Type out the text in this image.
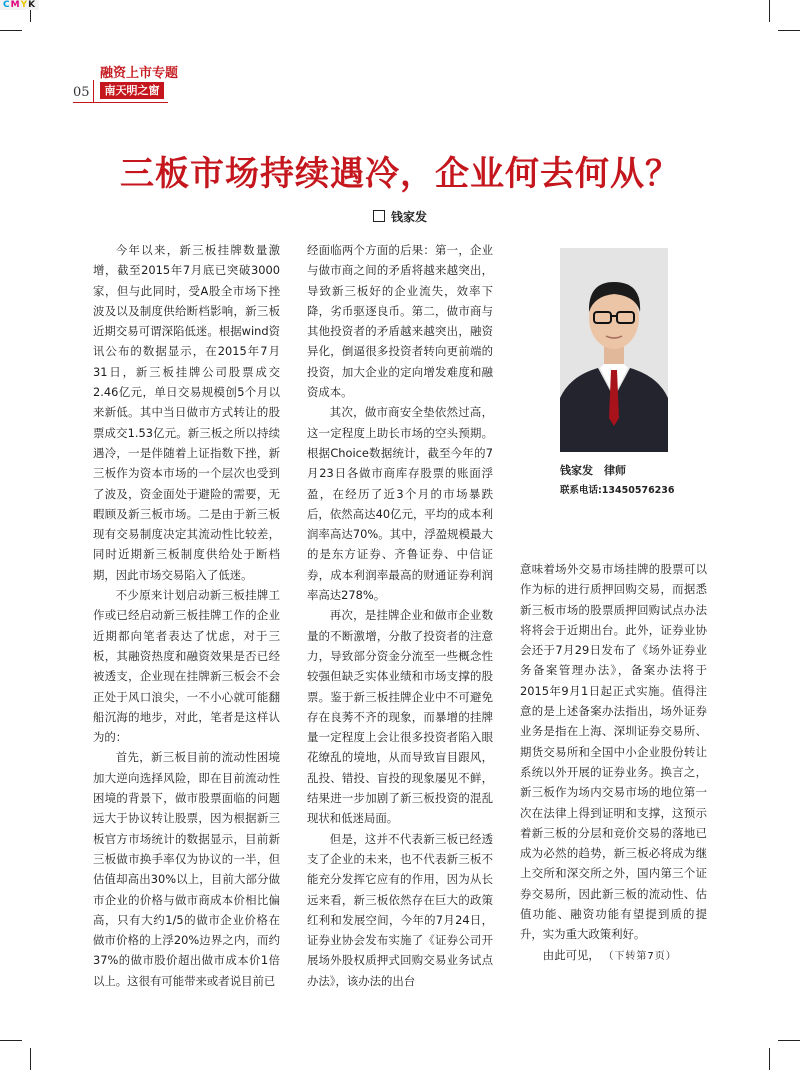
CMYK
融资上市专题
05	南天明之窗
三板市场持续遇冷，企业何去何从？
钱家发

今年以来，新三板挂牌数量激增，截至2015年7月底已突破3000家，但与此同时，受A股全市场下挫波及以及制度供给断档影响，新三板近期交易可谓深陷低迷。根据wind资讯公布的数据显示，在2015年7月31日，新三板挂牌公司股票成交2.46亿元，单日交易规模创5个月以来新低。其中当日做市方式转让的股票成交1.53亿元。新三板之所以持续遇冷，一是伴随着上证指数下挫，新三板作为资本市场的一个层次也受到了波及，资金面处于避险的需要，无暇顾及新三板市场。二是由于新三板现有交易制度决定其流动性比较差，同时近期新三板制度供给处于断档期，因此市场交易陷入了低迷。

不少原来计划启动新三板挂牌工作或已经启动新三板挂牌工作的企业近期都向笔者表达了忧虑，对于三板，其融资热度和融资效果是否已经被透支，企业现在挂牌新三板会不会正处于风口浪尖，一不小心就可能翻船沉海的地步，对此，笔者是这样认为的：

首先，新三板目前的流动性困境加大逆向选择风险，即在目前流动性困境的背景下，做市股票面临的问题远大于协议转让股票，因为根据新三板官方市场统计的数据显示，目前新三板做市换手率仅为协议的一半，但估值却高出30%以上，目前大部分做市企业的价格与做市商成本价相比偏高，只有大约1/5的做市企业价格在做市价格的上浮20%边界之内，而约37%的做市股价超出做市成本价1倍以上。这很有可能带来或者说目前已

经面临两个方面的后果：第一，企业与做市商之间的矛盾将越来越突出，导致新三板好的企业流失，效率下降，劣币驱逐良币。第二，做市商与其他投资者的矛盾越来越突出，融资异化，倒逼很多投资者转向更前端的投资，加大企业的定向增发难度和融资成本。

其次，做市商安全垫依然过高，这一定程度上助长市场的空头预期。根据Choice数据统计，截至今年的7月23日各做市商库存股票的账面浮盈，在经历了近3个月的市场暴跌后，依然高达40亿元，平均的成本利润率高达70%。其中，浮盈规模最大的是东方证券、齐鲁证券、中信证券，成本利润率最高的财通证券利润率高达278%。

再次，是挂牌企业和做市企业数量的不断激增，分散了投资者的注意力，导致部分资金分流至一些概念性较强但缺乏实体业绩和市场支撑的股票。鉴于新三板挂牌企业中不可避免存在良莠不齐的现象，而暴增的挂牌量一定程度上会让很多投资者陷入眼花缭乱的境地，从而导致盲目跟风，乱投、错投、盲投的现象屡见不鲜，结果进一步加剧了新三板投资的混乱现状和低迷局面。

但是，这并不代表新三板已经透支了企业的未来，也不代表新三板不能充分发挥它应有的作用，因为从长远来看，新三板依然存在巨大的政策红利和发展空间，今年的7月24日，证券业协会发布实施了《证券公司开展场外股权质押式回购交易业务试点办法》，该办法的出台

钱家发　律师
联系电话:13450576236

意味着场外交易市场挂牌的股票可以作为标的进行质押回购交易，而据悉新三板市场的股票质押回购试点办法将将会于近期出台。此外，证券业协会还于7月29日发布了《场外证券业务备案管理办法》，备案办法将于2015年9月1日起正式实施。值得注意的是上述备案办法指出，场外证券业务是指在上海、深圳证券交易所、期货交易所和全国中小企业股份转让系统以外开展的证券业务。换言之，新三板作为场内交易市场的地位第一次在法律上得到证明和支撑，这预示着新三板的分层和竞价交易的落地已成为必然的趋势，新三板必将成为继上交所和深交所之外，国内第三个证券交易所，因此新三板的流动性、估值功能、融资功能有望提到质的提升，实为重大政策利好。

由此可见， （下转第7页）
